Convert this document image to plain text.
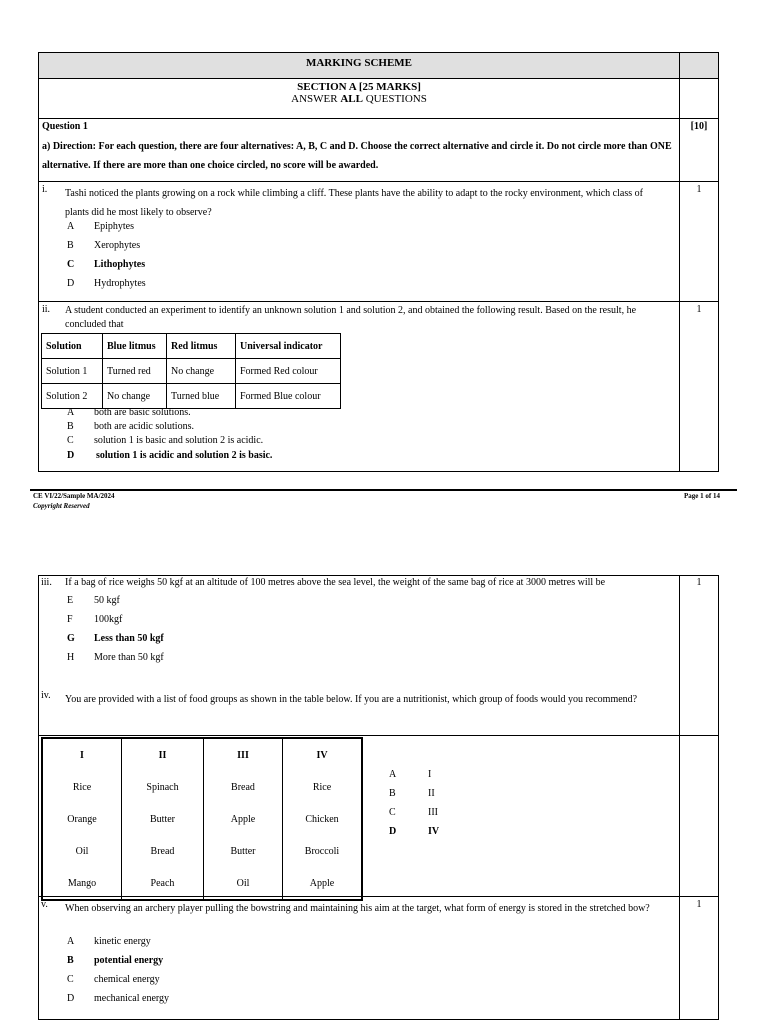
MARKING SCHEME
SECTION A [25 MARKS]
ANSWER ALL QUESTIONS
Question 1
a) Direction: For each question, there are four alternatives: A, B, C and D. Choose the correct alternative and circle it. Do not circle more than ONE alternative. If there are more than one choice circled, no score will be awarded.
[10]
i. Tashi noticed the plants growing on a rock while climbing a cliff. These plants have the ability to adapt to the rocky environment, which class of plants did he most likely to observe?
A Epiphytes
B Xerophytes
C Lithophytes
D Hydrophytes
1
ii. A student conducted an experiment to identify an unknown solution 1 and solution 2, and obtained the following result. Based on the result, he concluded that
Solution	Blue litmus	Red litmus	Universal indicator
Solution 1	Turned red	No change	Formed Red colour
Solution 2	No change	Turned blue	Formed Blue colour
A both are basic solutions.
B both are acidic solutions.
C solution 1 is basic and solution 2 is acidic.
D solution 1 is acidic and solution 2 is basic.
1
CE VI/22/Sample MA/2024
Copyright Reserved
Page 1 of 14
iii. If a bag of rice weighs 50 kgf at an altitude of 100 metres above the sea level, the weight of the same bag of rice at 3000 metres will be
E 50 kgf
F 100kgf
G Less than 50 kgf
H More than 50 kgf
iv. You are provided with a list of food groups as shown in the table below. If you are a nutritionist, which group of foods would you recommend?
1
I	II	III	IV
Rice	Spinach	Bread	Rice
Orange	Butter	Apple	Chicken
Oil	Bread	Butter	Broccoli
Mango	Peach	Oil	Apple
A	I
B	II
C	III
D	IV
v. When observing an archery player pulling the bowstring and maintaining his aim at the target, what form of energy is stored in the stretched bow?
A kinetic energy
B potential energy
C chemical energy
D mechanical energy
1
